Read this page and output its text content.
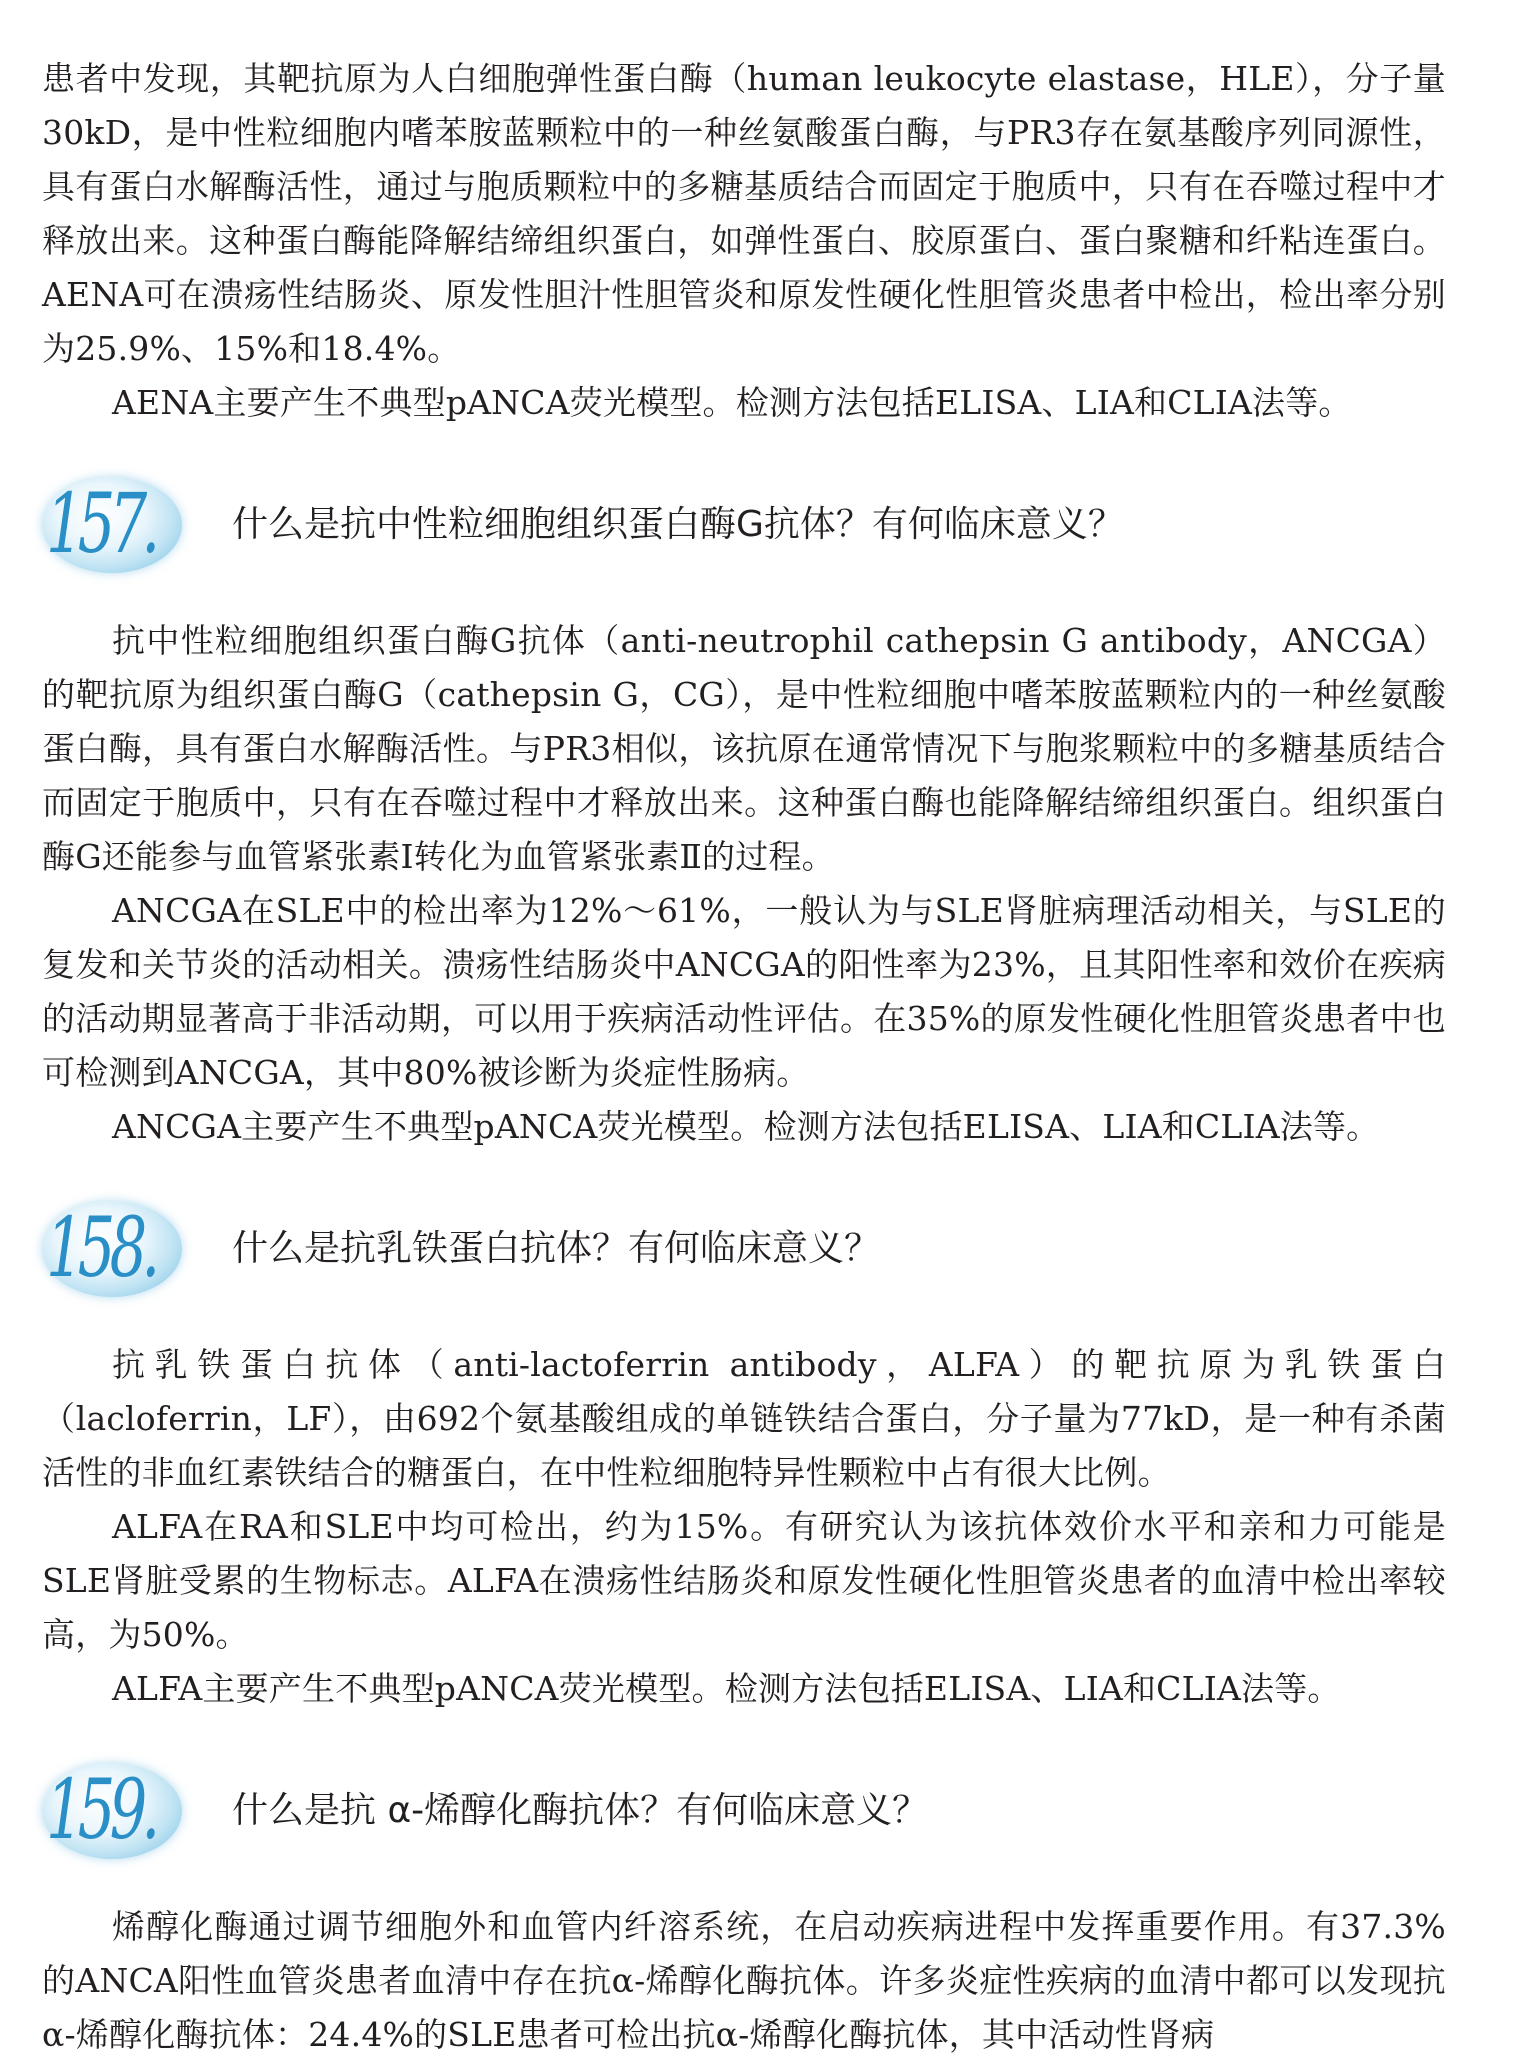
患者中发现，其靶抗原为人白细胞弹性蛋白酶（human leukocyte elastase，HLE），分子量30kD，是中性粒细胞内嗜苯胺蓝颗粒中的一种丝氨酸蛋白酶，与PR3存在氨基酸序列同源性，具有蛋白水解酶活性，通过与胞质颗粒中的多糖基质结合而固定于胞质中，只有在吞噬过程中才释放出来。这种蛋白酶能降解结缔组织蛋白，如弹性蛋白、胶原蛋白、蛋白聚糖和纤粘连蛋白。AENA可在溃疡性结肠炎、原发性胆汁性胆管炎和原发性硬化性胆管炎患者中检出，检出率分别为25.9%、15%和18.4%。

AENA主要产生不典型pANCA荧光模型。检测方法包括ELISA、LIA和CLIA法等。

157. 什么是抗中性粒细胞组织蛋白酶G抗体？有何临床意义？

抗中性粒细胞组织蛋白酶G抗体（anti-neutrophil cathepsin G antibody，ANCGA）的靶抗原为组织蛋白酶G（cathepsin G，CG），是中性粒细胞中嗜苯胺蓝颗粒内的一种丝氨酸蛋白酶，具有蛋白水解酶活性。与PR3相似，该抗原在通常情况下与胞浆颗粒中的多糖基质结合而固定于胞质中，只有在吞噬过程中才释放出来。这种蛋白酶也能降解结缔组织蛋白。组织蛋白酶G还能参与血管紧张素Ⅰ转化为血管紧张素Ⅱ的过程。

ANCGA在SLE中的检出率为12%～61%，一般认为与SLE肾脏病理活动相关，与SLE的复发和关节炎的活动相关。溃疡性结肠炎中ANCGA的阳性率为23%，且其阳性率和效价在疾病的活动期显著高于非活动期，可以用于疾病活动性评估。在35%的原发性硬化性胆管炎患者中也可检测到ANCGA，其中80%被诊断为炎症性肠病。

ANCGA主要产生不典型pANCA荧光模型。检测方法包括ELISA、LIA和CLIA法等。

158. 什么是抗乳铁蛋白抗体？有何临床意义？

抗乳铁蛋白抗体（anti-lactoferrin antibody，ALFA）的靶抗原为乳铁蛋白（lacloferrin，LF），由692个氨基酸组成的单链铁结合蛋白，分子量为77kD，是一种有杀菌活性的非血红素铁结合的糖蛋白，在中性粒细胞特异性颗粒中占有很大比例。

ALFA在RA和SLE中均可检出，约为15%。有研究认为该抗体效价水平和亲和力可能是SLE肾脏受累的生物标志。ALFA在溃疡性结肠炎和原发性硬化性胆管炎患者的血清中检出率较高，为50%。

ALFA主要产生不典型pANCA荧光模型。检测方法包括ELISA、LIA和CLIA法等。

159. 什么是抗 α-烯醇化酶抗体？有何临床意义？

烯醇化酶通过调节细胞外和血管内纤溶系统，在启动疾病进程中发挥重要作用。有37.3%的ANCA阳性血管炎患者血清中存在抗α-烯醇化酶抗体。许多炎症性疾病的血清中都可以发现抗α-烯醇化酶抗体：24.4%的SLE患者可检出抗α-烯醇化酶抗体，其中活动性肾病
